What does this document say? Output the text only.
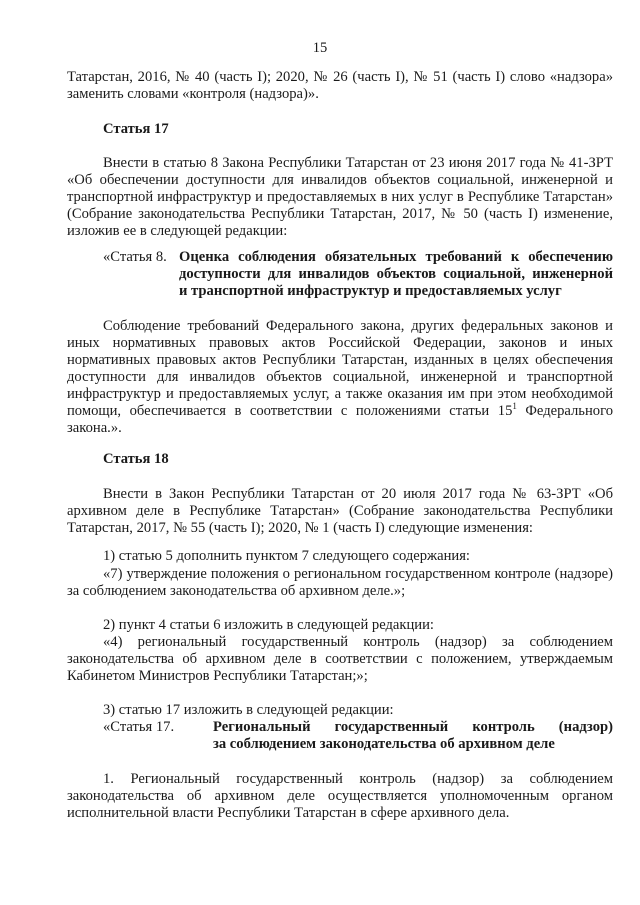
15

Татарстан, 2016, № 40 (часть I); 2020, № 26 (часть I), № 51 (часть I) слово «надзора» заменить словами «контроля (надзора)».

Статья 17

Внести в статью 8 Закона Республики Татарстан от 23 июня 2017 года № 41-ЗРТ «Об обеспечении доступности для инвалидов объектов социальной, инженерной и транспортной инфраструктур и предоставляемых в них услуг в Республике Татарстан» (Собрание законодательства Республики Татарстан, 2017, № 50 (часть I) изменение, изложив ее в следующей редакции:

«Статья 8. Оценка соблюдения обязательных требований к обеспечению
доступности для инвалидов объектов социальной, инженерной
и транспортной инфраструктур и предоставляемых услуг

Соблюдение требований Федерального закона, других федеральных законов и иных нормативных правовых актов Российской Федерации, законов и иных нормативных правовых актов Республики Татарстан, изданных в целях обеспечения доступности для инвалидов объектов социальной, инженерной и транспортной инфраструктур и предоставляемых услуг, а также оказания им при этом необходимой помощи, обеспечивается в соответствии с положениями статьи $15^1$ Федерального закона.».

Статья 18

Внести в Закон Республики Татарстан от 20 июля 2017 года № 63-ЗРТ «Об архивном деле в Республике Татарстан» (Собрание законодательства Республики Татарстан, 2017, № 55 (часть I); 2020, № 1 (часть I) следующие изменения:

1) статью 5 дополнить пунктом 7 следующего содержания:

«7) утверждение положения о региональном государственном контроле (надзоре) за соблюдением законодательства об архивном деле.»;

2) пункт 4 статьи 6 изложить в следующей редакции:

«4) региональный государственный контроль (надзор) за соблюдением законодательства об архивном деле в соответствии с положением, утверждаемым Кабинетом Министров Республики Татарстан;»;

3) статью 17 изложить в следующей редакции:

«Статья 17.	Региональный государственный контроль (надзор)
за соблюдением законодательства об архивном деле

1. Региональный государственный контроль (надзор) за соблюдением законодательства об архивном деле осуществляется уполномоченным органом исполнительной власти Республики Татарстан в сфере архивного дела.
